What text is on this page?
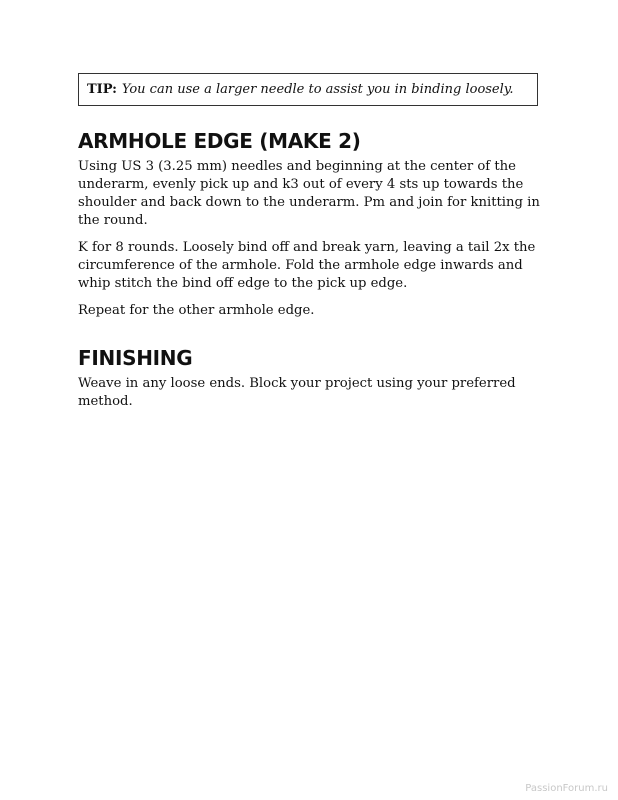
TIP: You can use a larger needle to assist you in binding loosely.
ARMHOLE EDGE (MAKE 2)

Using US 3 (3.25 mm) needles and beginning at the center of the underarm, evenly pick up and k3 out of every 4 sts up towards the shoulder and back down to the underarm. Pm and join for knitting in the round.

K for 8 rounds. Loosely bind off and break yarn, leaving a tail 2x the circumference of the armhole. Fold the armhole edge inwards and whip stitch the bind off edge to the pick up edge.

Repeat for the other armhole edge.

FINISHING

Weave in any loose ends. Block your project using your preferred method.

PassionForum.ru
